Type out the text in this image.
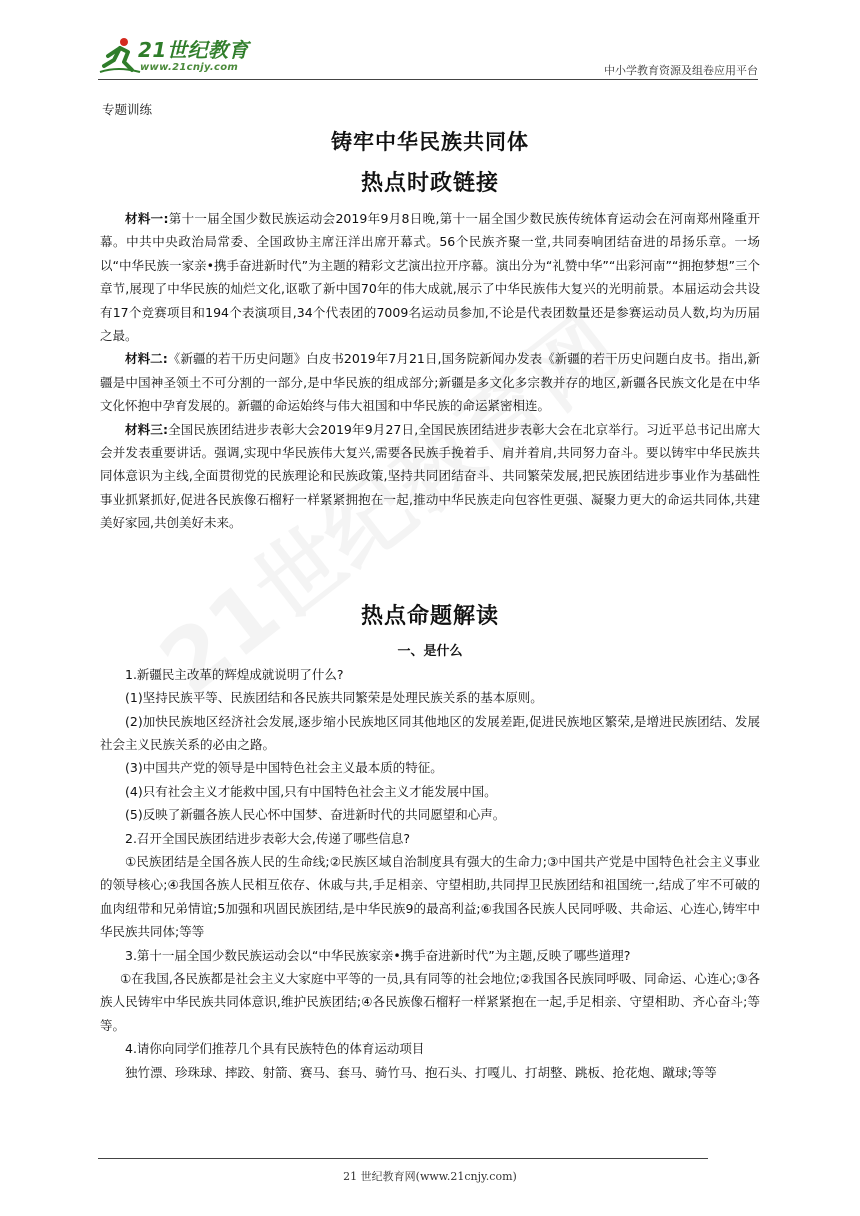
21世纪教育
www.21cnjy.com	中小学教育资源及组卷应用平台
专题训练
铸牢中华民族共同体
热点时政链接

材料一:第十一届全国少数民族运动会2019年9月8日晚,第十一届全国少数民族传统体育运动会在河南郑州隆重开幕。中共中央政治局常委、全国政协主席汪洋出席开幕式。56个民族齐聚一堂,共同奏响团结奋进的昂扬乐章。一场以“中华民族一家亲•携手奋进新时代”为主题的精彩文艺演出拉开序幕。演出分为“礼赞中华”“出彩河南”“拥抱梦想”三个章节,展现了中华民族的灿烂文化,讴歌了新中国70年的伟大成就,展示了中华民族伟大复兴的光明前景。本届运动会共设有17个竞赛项目和194个表演项目,34个代表团的7009名运动员参加,不论是代表团数量还是参赛运动员人数,均为历届之最。

材料二:《新疆的若干历史问题》白皮书2019年7月21日,国务院新闻办发表《新疆的若干历史问题白皮书。指出,新疆是中国神圣领土不可分割的一部分,是中华民族的组成部分;新疆是多文化多宗教并存的地区,新疆各民族文化是在中华文化怀抱中孕育发展的。新疆的命运始终与伟大祖国和中华民族的命运紧密相连。

材料三:全国民族团结进步表彰大会2019年9月27日,全国民族团结进步表彰大会在北京举行。习近平总书记出席大会并发表重要讲话。强调,实现中华民族伟大复兴,需要各民族手挽着手、肩并着肩,共同努力奋斗。要以铸牢中华民族共同体意识为主线,全面贯彻党的民族理论和民族政策,坚持共同团结奋斗、共同繁荣发展,把民族团结进步事业作为基础性事业抓紧抓好,促进各民族像石榴籽一样紧紧拥抱在一起,推动中华民族走向包容性更强、凝聚力更大的命运共同体,共建美好家园,共创美好未来。

热点命题解读
一、是什么

1.新疆民主改革的辉煌成就说明了什么?

(1)坚持民族平等、民族团结和各民族共同繁荣是处理民族关系的基本原则。

(2)加快民族地区经济社会发展,逐步缩小民族地区同其他地区的发展差距,促进民族地区繁荣,是增进民族团结、发展社会主义民族关系的必由之路。

(3)中国共产党的领导是中国特色社会主义最本质的特征。

(4)只有社会主义才能救中国,只有中国特色社会主义才能发展中国。

(5)反映了新疆各族人民心怀中国梦、奋进新时代的共同愿望和心声。

2.召开全国民族团结进步表彰大会,传递了哪些信息?

①民族团结是全国各族人民的生命线;②民族区域自治制度具有强大的生命力;③中国共产党是中国特色社会主义事业的领导核心;④我国各族人民相互依存、休戚与共,手足相亲、守望相助,共同捍卫民族团结和祖国统一,结成了牢不可破的血肉纽带和兄弟情谊;5加强和巩固民族团结,是中华民族9的最高利益;⑥我国各民族人民同呼吸、共命运、心连心,铸牢中华民族共同体;等等

3.第十一届全国少数民族运动会以“中华民族家亲•携手奋进新时代”为主题,反映了哪些道理?

①在我国,各民族都是社会主义大家庭中平等的一员,具有同等的社会地位;②我国各民族同呼吸、同命运、心连心;③各族人民铸牢中华民族共同体意识,维护民族团结;④各民族像石榴籽一样紧紧抱在一起,手足相亲、守望相助、齐心奋斗;等等。

4.请你向同学们推荐几个具有民族特色的体育运动项目

独竹漂、珍珠球、摔跤、射箭、赛马、套马、骑竹马、抱石头、打嘎儿、打胡整、跳板、抢花炮、蹴球;等等

21 世纪教育网(www.21cnjy.com)
